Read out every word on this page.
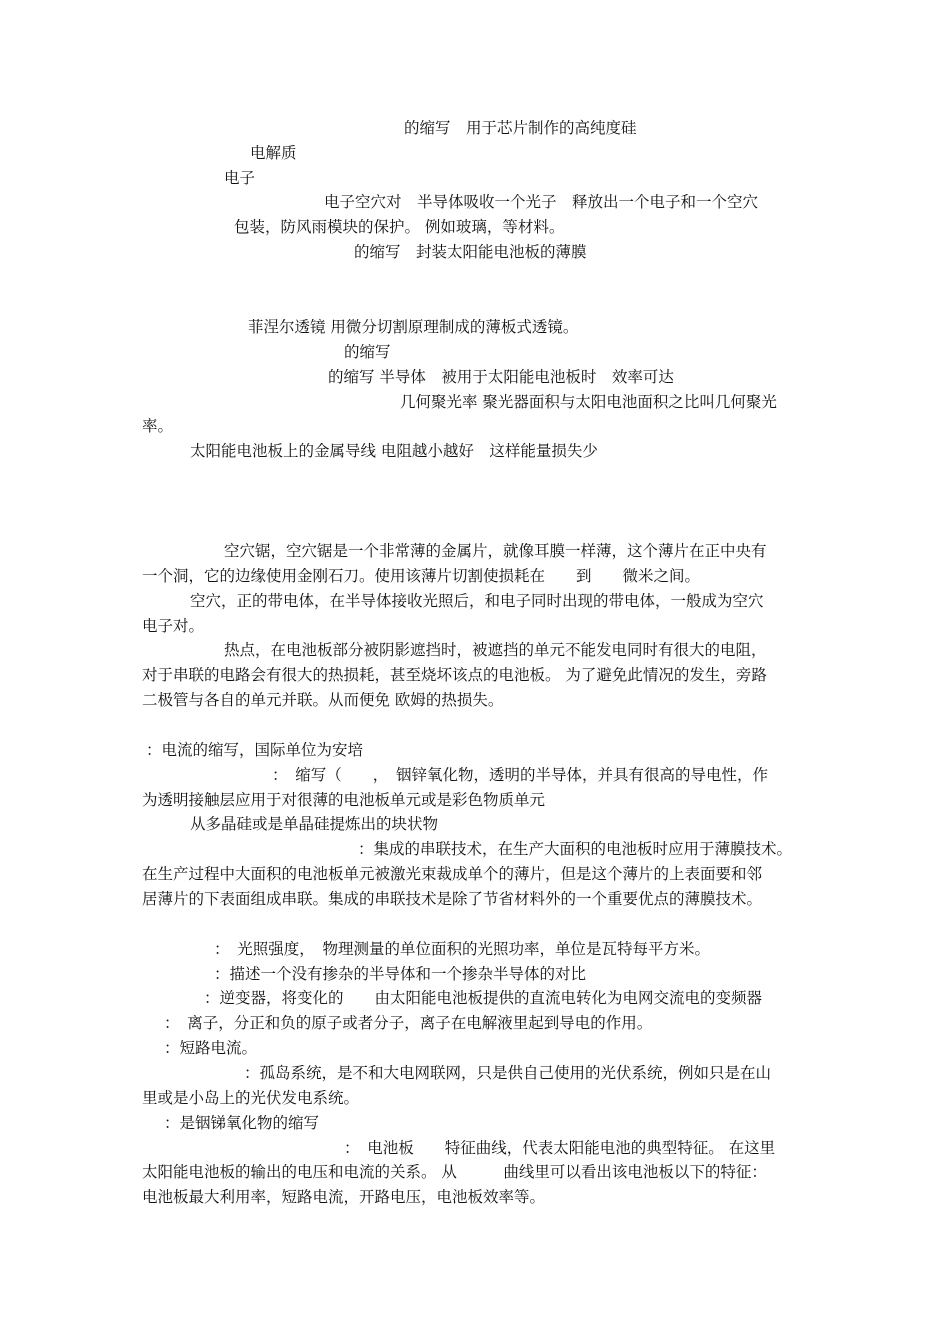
的缩写　用于芯片制作的高纯度硅
电解质
电子
电子空穴对　半导体吸收一个光子　释放出一个电子和一个空穴
包装，防风雨模块的保护。 例如玻璃，等材料。
的缩写　封装太阳能电池板的薄膜
菲涅尔透镜 用微分切割原理制成的薄板式透镜。
的缩写
的缩写 半导体　被用于太阳能电池板时　效率可达
几何聚光率 聚光器面积与太阳电池面积之比叫几何聚光
率。
太阳能电池板上的金属导线 电阻越小越好　这样能量损失少
空穴锯，空穴锯是一个非常薄的金属片，就像耳膜一样薄，这个薄片在正中央有
一个洞，它的边缘使用金刚石刀。使用该薄片切割使损耗在　　到　　微米之间。
空穴，正的带电体，在半导体接收光照后，和电子同时出现的带电体，一般成为空穴
电子对。
热点，在电池板部分被阴影遮挡时，被遮挡的单元不能发电同时有很大的电阻，
对于串联的电路会有很大的热损耗，甚至烧坏该点的电池板。 为了避免此情况的发生，旁路
二极管与各自的单元并联。从而便免 欧姆的热损失。
：电流的缩写，国际单位为安培
：　缩写（　　，　铟锌氧化物，透明的半导体，并具有很高的导电性，作
为透明接触层应用于对很薄的电池板单元或是彩色物质单元
从多晶硅或是单晶硅提炼出的块状物
：集成的串联技术，在生产大面积的电池板时应用于薄膜技术。
在生产过程中大面积的电池板单元被激光束裁成单个的薄片，但是这个薄片的上表面要和邻
居薄片的下表面组成串联。集成的串联技术是除了节省材料外的一个重要优点的薄膜技术。
：　光照强度，　物理测量的单位面积的光照功率，单位是瓦特每平方米。
：描述一个没有掺杂的半导体和一个掺杂半导体的对比
：逆变器，将变化的　　由太阳能电池板提供的直流电转化为电网交流电的变频器
：　离子，分正和负的原子或者分子，离子在电解液里起到导电的作用。
：短路电流。
：孤岛系统，是不和大电网联网，只是供自己使用的光伏系统，例如只是在山
里或是小岛上的光伏发电系统。
：是铟锑氧化物的缩写
：　电池板　　特征曲线，代表太阳能电池的典型特征。 在这里
太阳能电池板的输出的电压和电流的关系。 从　　　曲线里可以看出该电池板以下的特征：
电池板最大利用率，短路电流，开路电压，电池板效率等。
